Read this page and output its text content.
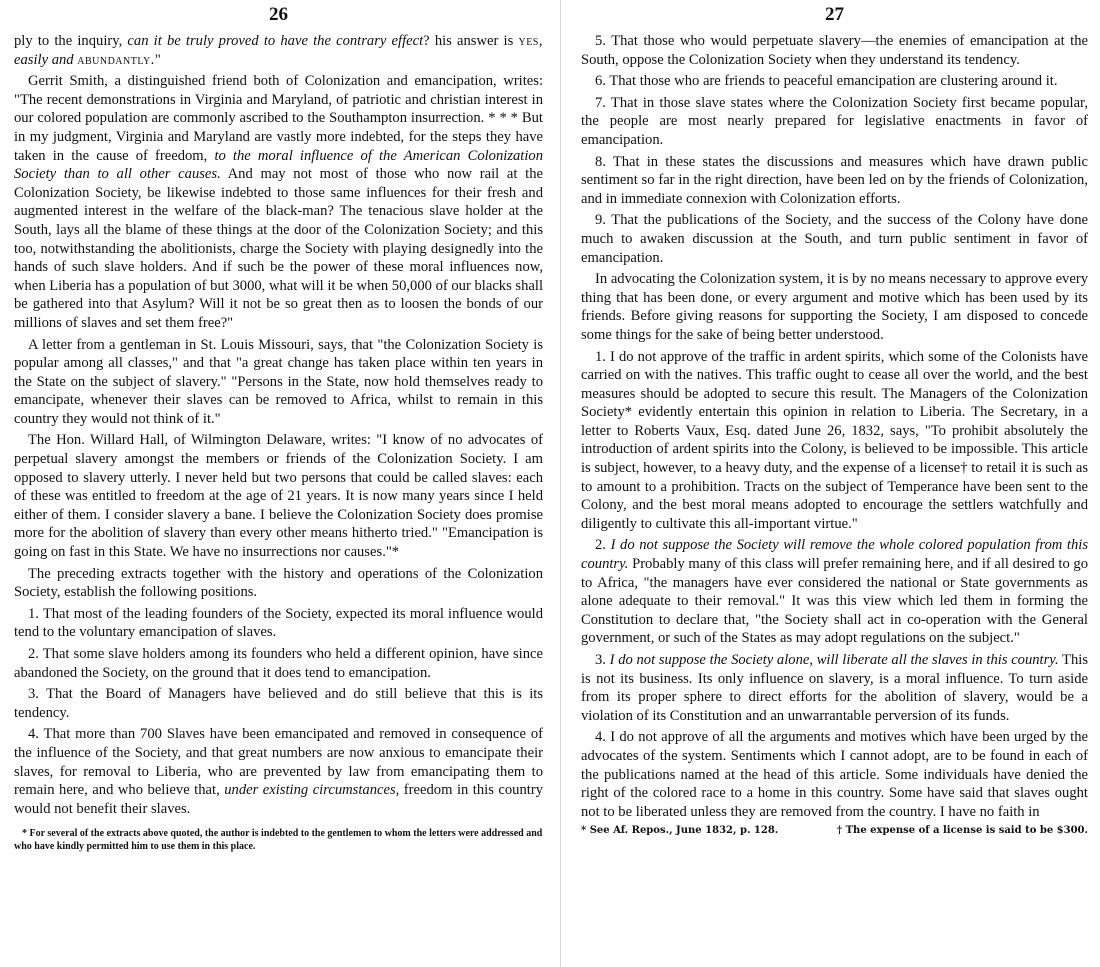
26

ply to the inquiry, can it be truly proved to have the contrary effect? his answer is yes, easily and abundantly."

Gerrit Smith, a distinguished friend both of Colonization and emancipation, writes: "The recent demonstrations in Virginia and Maryland, of patriotic and christian interest in our colored population are commonly ascribed to the Southampton insurrection. * * * But in my judgment, Virginia and Maryland are vastly more indebted, for the steps they have taken in the cause of freedom, to the moral influence of the American Colonization Society than to all other causes. And may not most of those who now rail at the Colonization Society, be likewise indebted to those same influences for their fresh and augmented interest in the welfare of the black-man? The tenacious slave holder at the South, lays all the blame of these things at the door of the Colonization Society; and this too, notwithstanding the abolitionists, charge the Society with playing designedly into the hands of such slave holders. And if such be the power of these moral influences now, when Liberia has a population of but 3000, what will it be when 50,000 of our blacks shall be gathered into that Asylum? Will it not be so great then as to loosen the bonds of our millions of slaves and set them free?"

A letter from a gentleman in St. Louis Missouri, says, that "the Colonization Society is popular among all classes," and that "a great change has taken place within ten years in the State on the subject of slavery." "Persons in the State, now hold themselves ready to emancipate, whenever their slaves can be removed to Africa, whilst to remain in this country they would not think of it."

The Hon. Willard Hall, of Wilmington Delaware, writes: "I know of no advocates of perpetual slavery amongst the members or friends of the Colonization Society. I am opposed to slavery utterly. I never held but two persons that could be called slaves: each of these was entitled to freedom at the age of 21 years. It is now many years since I held either of them. I consider slavery a bane. I believe the Colonization Society does promise more for the abolition of slavery than every other means hitherto tried." "Emancipation is going on fast in this State. We have no insurrections nor causes."*

The preceding extracts together with the history and operations of the Colonization Society, establish the following positions.

1. That most of the leading founders of the Society, expected its moral influence would tend to the voluntary emancipation of slaves.

2. That some slave holders among its founders who held a different opinion, have since abandoned the Society, on the ground that it does tend to emancipation.

3. That the Board of Managers have believed and do still believe that this is its tendency.

4. That more than 700 Slaves have been emancipated and removed in consequence of the influence of the Society, and that great numbers are now anxious to emancipate their slaves, for removal to Liberia, who are prevented by law from emancipating them to remain here, and who believe that, under existing circumstances, freedom in this country would not benefit their slaves.

* For several of the extracts above quoted, the author is indebted to the gentlemen to whom the letters were addressed and who have kindly permitted him to use them in this place.

27

5. That those who would perpetuate slavery—the enemies of emancipation at the South, oppose the Colonization Society when they understand its tendency.

6. That those who are friends to peaceful emancipation are clustering around it.

7. That in those slave states where the Colonization Society first became popular, the people are most nearly prepared for legislative enactments in favor of emancipation.

8. That in these states the discussions and measures which have drawn public sentiment so far in the right direction, have been led on by the friends of Colonization, and in immediate connexion with Colonization efforts.

9. That the publications of the Society, and the success of the Colony have done much to awaken discussion at the South, and turn public sentiment in favor of emancipation.

In advocating the Colonization system, it is by no means necessary to approve every thing that has been done, or every argument and motive which has been used by its friends. Before giving reasons for supporting the Society, I am disposed to concede some things for the sake of being better understood.

1. I do not approve of the traffic in ardent spirits, which some of the Colonists have carried on with the natives. This traffic ought to cease all over the world, and the best measures should be adopted to secure this result. The Managers of the Colonization Society* evidently entertain this opinion in relation to Liberia. The Secretary, in a letter to Roberts Vaux, Esq. dated June 26, 1832, says, "To prohibit absolutely the introduction of ardent spirits into the Colony, is believed to be impossible. This article is subject, however, to a heavy duty, and the expense of a license† to retail it is such as to amount to a prohibition. Tracts on the subject of Temperance have been sent to the Colony, and the best moral means adopted to encourage the settlers watchfully and diligently to cultivate this all-important virtue."

2. I do not suppose the Society will remove the whole colored population from this country. Probably many of this class will prefer remaining here, and if all desired to go to Africa, "the managers have ever considered the national or State governments as alone adequate to their removal." It was this view which led them in forming the Constitution to declare that, "the Society shall act in co-operation with the General government, or such of the States as may adopt regulations on the subject."

3. I do not suppose the Society alone, will liberate all the slaves in this country. This is not its business. Its only influence on slavery, is a moral influence. To turn aside from its proper sphere to direct efforts for the abolition of slavery, would be a violation of its Constitution and an unwarrantable perversion of its funds.

4. I do not approve of all the arguments and motives which have been urged by the advocates of the system. Sentiments which I cannot adopt, are to be found in each of the publications named at the head of this article. Some individuals have denied the right of the colored race to a home in this country. Some have said that slaves ought not to be liberated unless they are removed from the country. I have no faith in

* See Af. Repos., June 1832, p. 128.	† The expense of a license is said to be $300.
